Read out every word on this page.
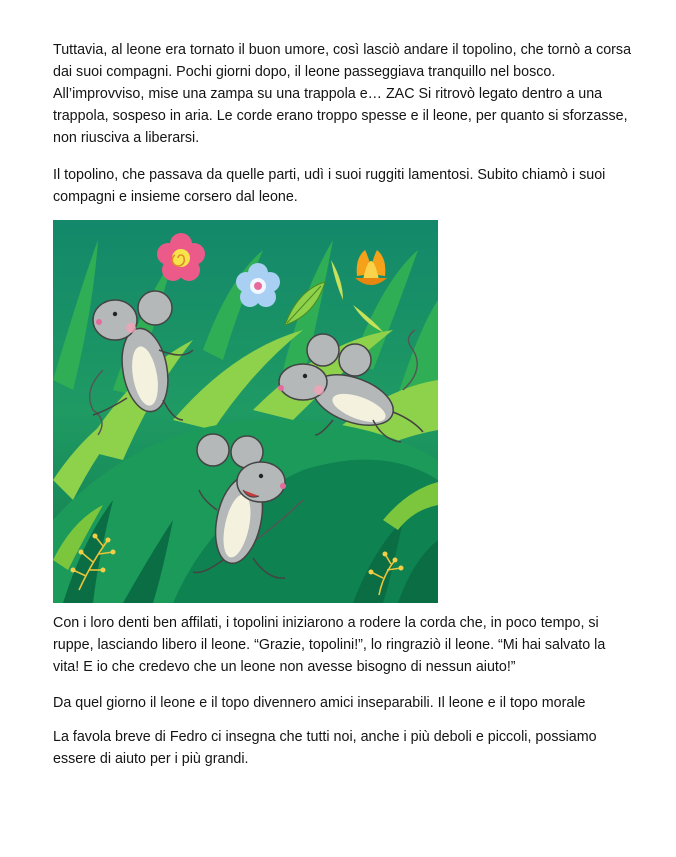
Tuttavia, al leone era tornato il buon umore, così lasciò andare il topolino, che tornò a corsa dai suoi compagni. Pochi giorni dopo, il leone passeggiava tranquillo nel bosco. All’improvviso, mise una zampa su una trappola e… ZAC Si ritrovò legato dentro a una trappola, sospeso in aria. Le corde erano troppo spesse e il leone, per quanto si sforzasse, non riusciva a liberarsi.

Il topolino, che passava da quelle parti, udì i suoi ruggiti lamentosi. Subito chiamò i suoi compagni e insieme corsero dal leone.

Con i loro denti ben affilati, i topolini iniziarono a rodere la corda che, in poco tempo, si ruppe, lasciando libero il leone. “Grazie, topolini!”, lo ringraziò il leone. “Mi hai salvato la vita! E io che credevo che un leone non avesse bisogno di nessun aiuto!”

Da quel giorno il leone e il topo divennero amici inseparabili. Il leone e il topo morale

La favola breve di Fedro ci insegna che tutti noi, anche i più deboli e piccoli, possiamo essere di aiuto per i più grandi.
